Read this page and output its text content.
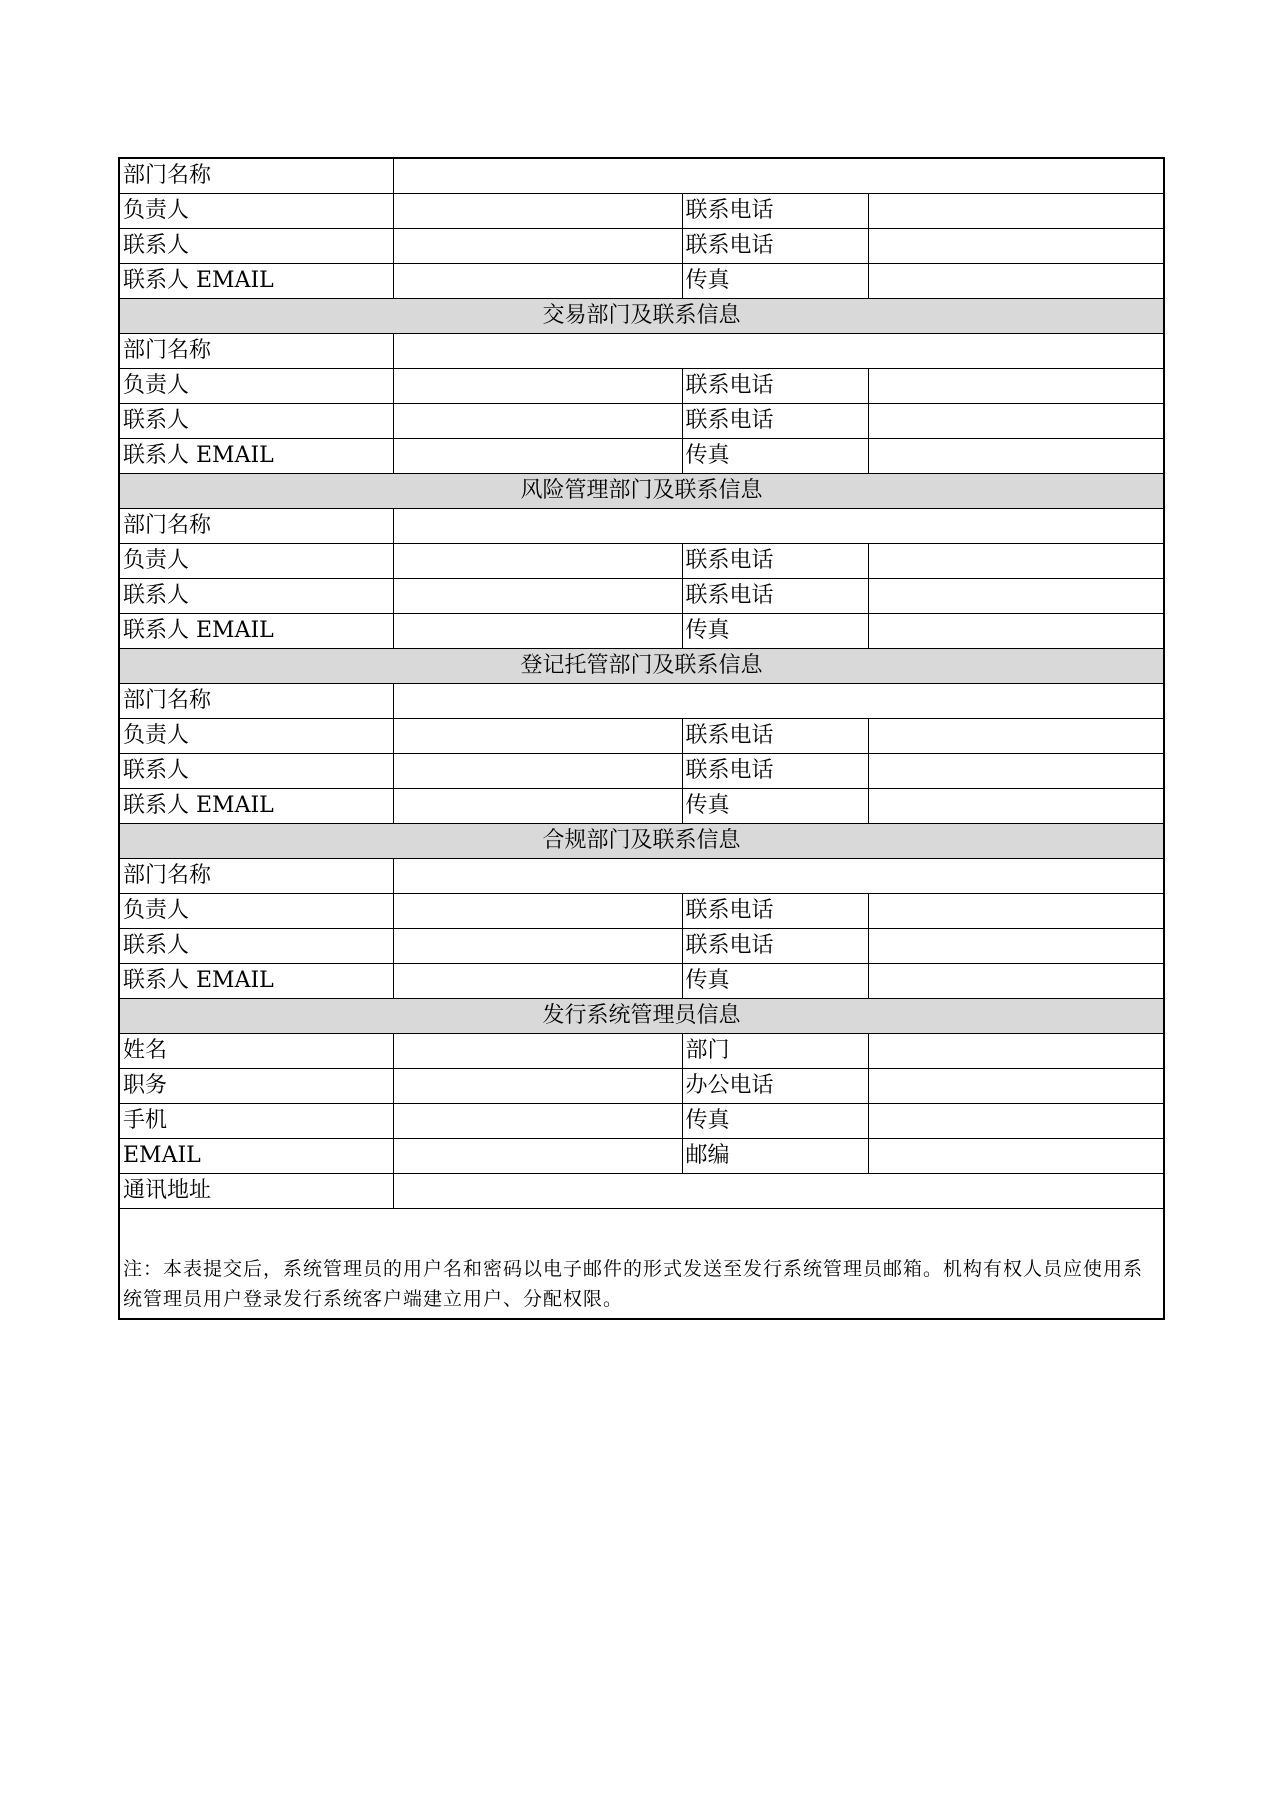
部门名称			
负责人		联系电话	
联系人		联系电话	
联系人 EMAIL		传真	
交易部门及联系信息			
部门名称			
负责人		联系电话	
联系人		联系电话	
联系人 EMAIL		传真	
风险管理部门及联系信息			
部门名称			
负责人		联系电话	
联系人		联系电话	
联系人 EMAIL		传真	
登记托管部门及联系信息			
部门名称			
负责人		联系电话	
联系人		联系电话	
联系人 EMAIL		传真	
合规部门及联系信息			
部门名称			
负责人		联系电话	
联系人		联系电话	
联系人 EMAIL		传真	
发行系统管理员信息			
姓名		部门	
职务		办公电话	
手机		传真	
EMAIL		邮编	
通讯地址			
注：本表提交后，系统管理员的用户名和密码以电子邮件的形式发送至发行系统管理员邮箱。机构有权人员应使用系统管理员用户登录发行系统客户端建立用户、分配权限。			
